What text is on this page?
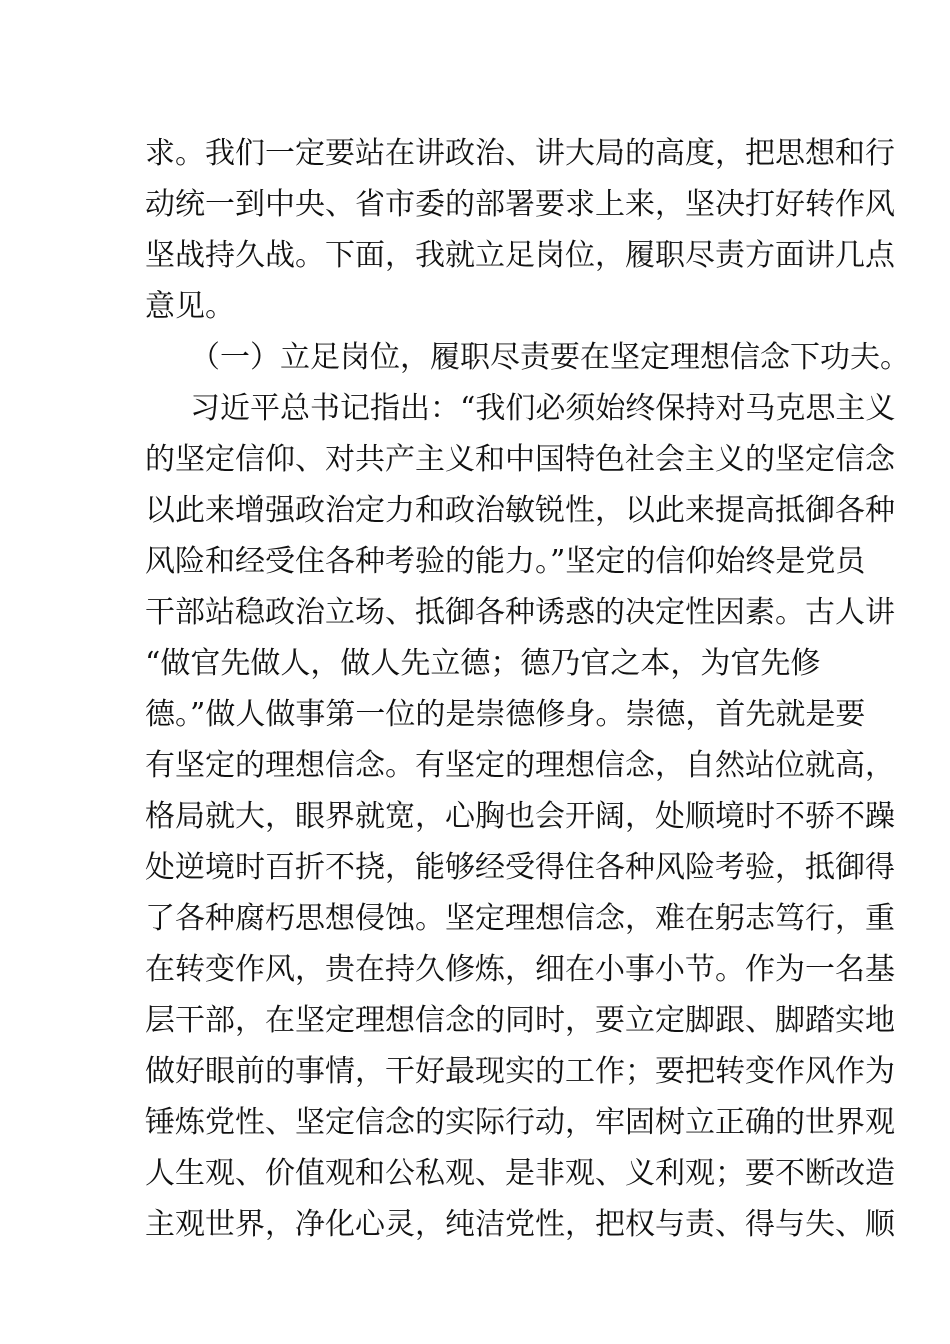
求。我们一定要站在讲政治、讲大局的高度，把思想和行
动统一到中央、省市委的部署要求上来，坚决打好转作风
坚战持久战。下面，我就立足岗位，履职尽责方面讲几点
意见。
（一）立足岗位，履职尽责要在坚定理想信念下功夫。
习近平总书记指出：“我们必须始终保持对马克思主义
的坚定信仰、对共产主义和中国特色社会主义的坚定信念
以此来增强政治定力和政治敏锐性，以此来提高抵御各种
风险和经受住各种考验的能力。”坚定的信仰始终是党员
干部站稳政治立场、抵御各种诱惑的决定性因素。古人讲
“做官先做人，做人先立德；德乃官之本，为官先修
德。”做人做事第一位的是崇德修身。崇德，首先就是要
有坚定的理想信念。有坚定的理想信念，自然站位就高，
格局就大，眼界就宽，心胸也会开阔，处顺境时不骄不躁
处逆境时百折不挠，能够经受得住各种风险考验，抵御得
了各种腐朽思想侵蚀。坚定理想信念，难在躬志笃行，重
在转变作风，贵在持久修炼，细在小事小节。作为一名基
层干部，在坚定理想信念的同时，要立定脚跟、脚踏实地
做好眼前的事情，干好最现实的工作；要把转变作风作为
锤炼党性、坚定信念的实际行动，牢固树立正确的世界观
人生观、价值观和公私观、是非观、义利观；要不断改造
主观世界，净化心灵，纯洁党性，把权与责、得与失、顺
